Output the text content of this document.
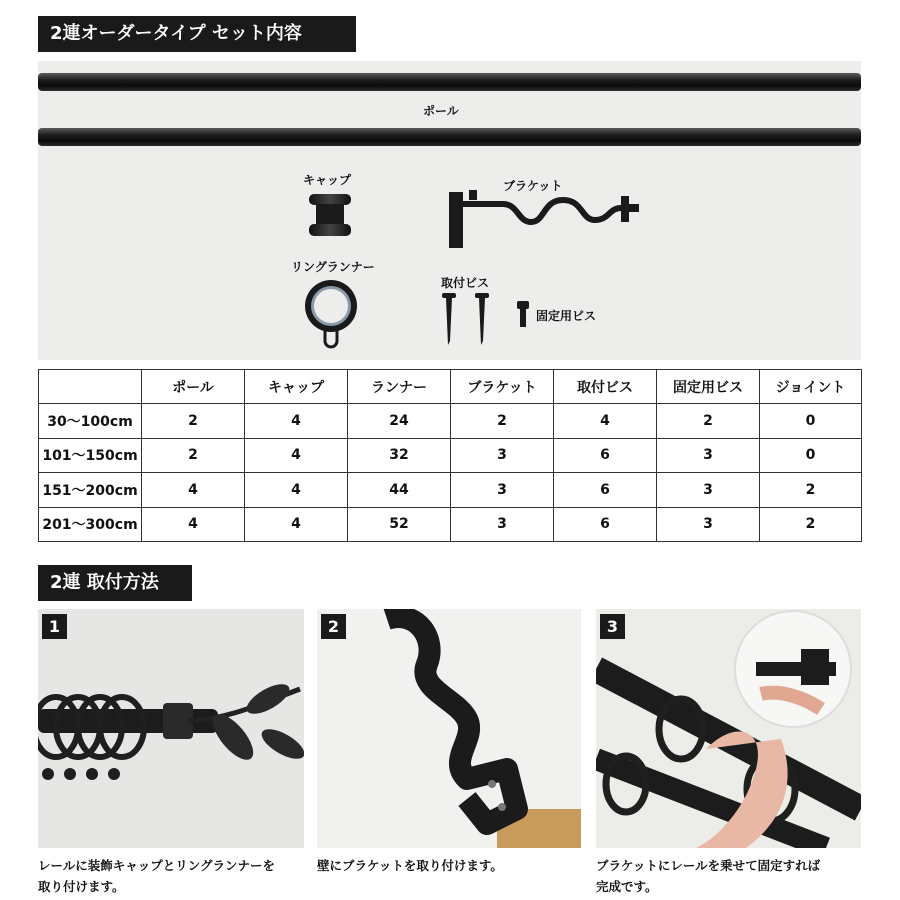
2連オーダータイプ セット内容
ポール
キャップ	ブラケット
リングランナー
取付ビス
固定用ビス
	ポール	キャップ	ランナー	ブラケット	取付ビス	固定用ビス	ジョイント
30～100cm	2	4	24	2	4	2	0
101～150cm	2	4	32	3	6	3	0
151～200cm	4	4	44	3	6	3	2
201～300cm	4	4	52	3	6	3	2
2連 取付方法
1	2	3
レールに装飾キャップとリングランナーを
取り付けます。
壁にブラケットを取り付けます。	ブラケットにレールを乗せて固定すれば
完成です。
